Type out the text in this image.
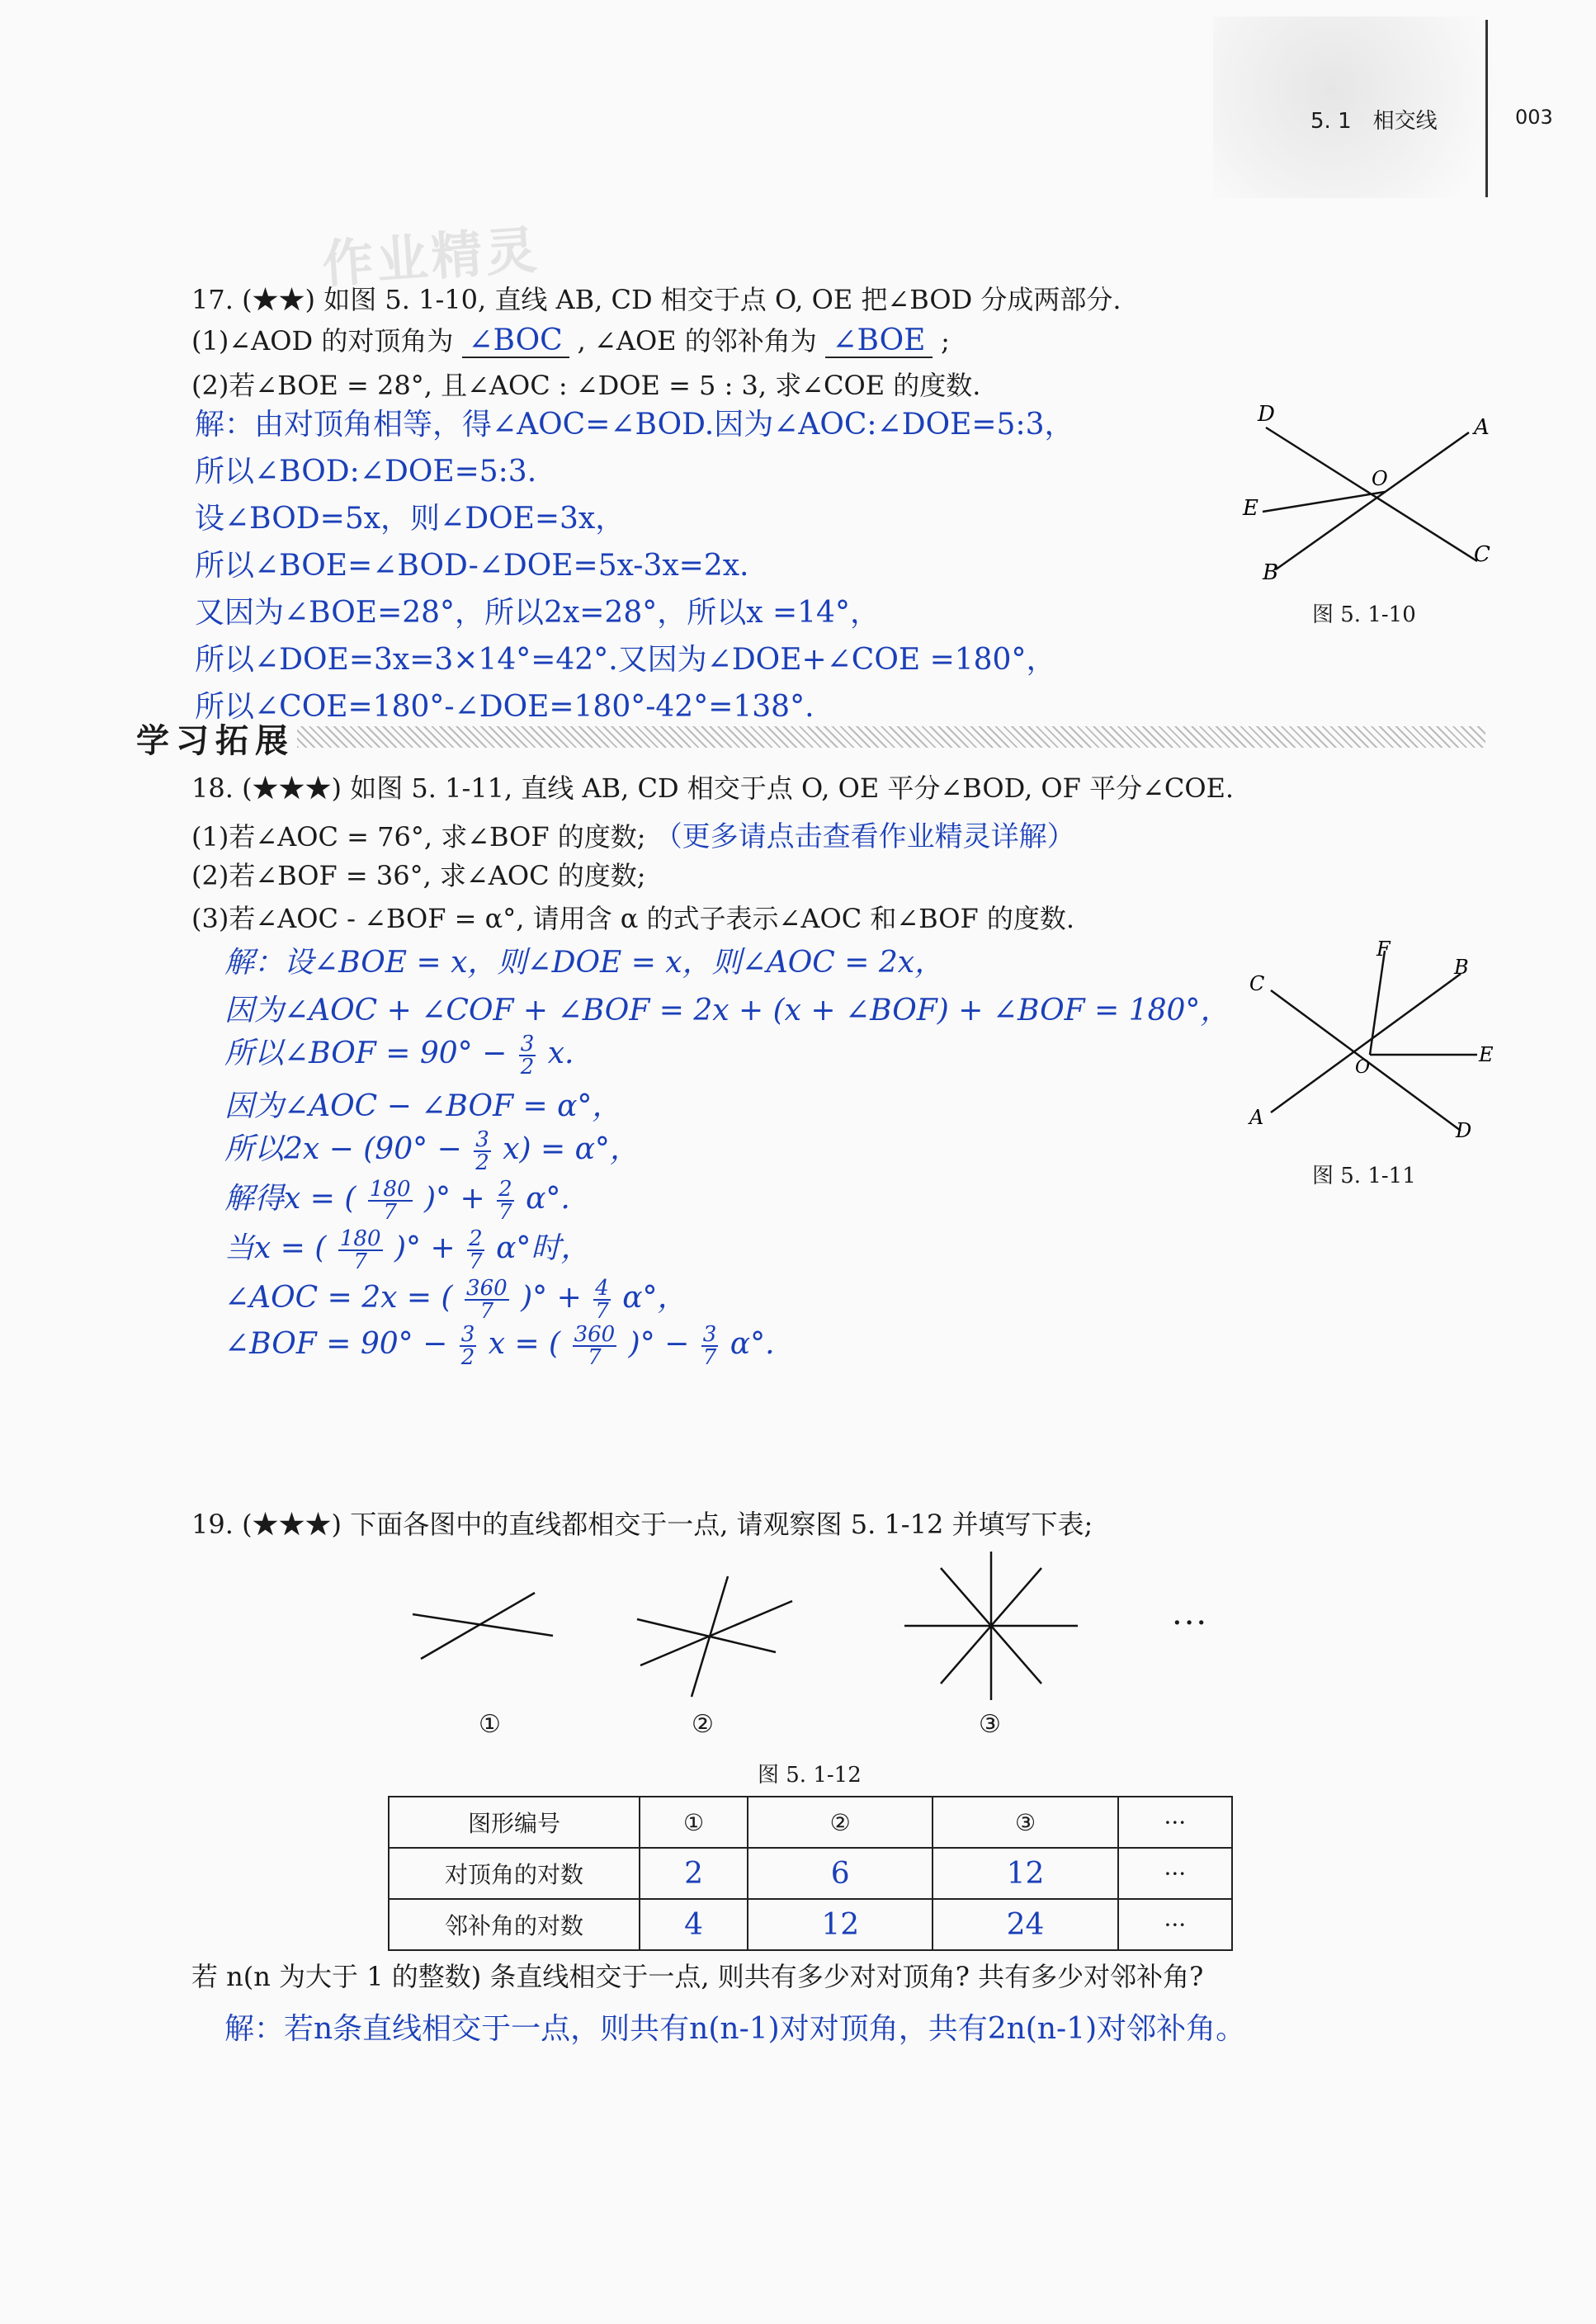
5. 1　相交线	003
作业精灵
17. (★★) 如图 5. 1-10, 直线 AB, CD 相交于点 O, OE 把∠BOD 分成两部分.
(1)∠AOD 的对顶角为 ∠BOC , ∠AOE 的邻补角为 ∠BOE ;
(2)若∠BOE = 28°, 且∠AOC : ∠DOE = 5 : 3, 求∠COE 的度数.
解：由对顶角相等，得∠AOC=∠BOD.因为∠AOC:∠DOE=5:3，
所以∠BOD:∠DOE=5:3.
设∠BOD=5x，则∠DOE=3x，
所以∠BOE=∠BOD-∠DOE=5x-3x=2x.
又因为∠BOE=28°，所以2x=28°，所以x =14°，
所以∠DOE=3x=3×14°=42°.又因为∠DOE+∠COE =180°，
所以∠COE=180°-∠DOE=180°-42°=138°.
D
A
O
E
B
C
图 5. 1-10
学习拓展
18. (★★★) 如图 5. 1-11, 直线 AB, CD 相交于点 O, OE 平分∠BOD, OF 平分∠COE.
(1)若∠AOC = 76°, 求∠BOF 的度数; （更多请点击查看作业精灵详解）
(2)若∠BOF = 36°, 求∠AOC 的度数;
(3)若∠AOC - ∠BOF = α°, 请用含 α 的式子表示∠AOC 和∠BOF 的度数.
解：设∠BOE = x，则∠DOE = x，则∠AOC = 2x，
因为∠AOC + ∠COF + ∠BOF = 2x + (x + ∠BOF) + ∠BOF = 180°，
所以∠BOF = $90^\circ - \frac{3}{2} x$.
因为∠AOC − ∠BOF = α°，
所以$2x - (90^\circ - \frac{3}{2} x) = \alpha^\circ$，
解得x = ( $\frac{180}{7}$ )° + $\frac{2}{7} \alpha^\circ$.
当x = ( $\frac{180}{7}$ )° + $\frac{2}{7} \alpha^\circ$时，
∠AOC = 2x = ( $\frac{360}{7}$ )° + $\frac{4}{7} \alpha^\circ$，
∠BOF = $90^\circ - \frac{3}{2}$ x = ( $\frac{360}{7}$ )° − $\frac{3}{7} \alpha^\circ$.
F
B
C
E
O
A
D
图 5. 1-11
19. (★★★) 下面各图中的直线都相交于一点, 请观察图 5. 1-12 并填写下表;
···
①	②	③
图 5. 1-12
图形编号	①	②	③	···
对顶角的对数	2	6	12	···
邻补角的对数	4	12	24	···
若 n(n 为大于 1 的整数) 条直线相交于一点, 则共有多少对对顶角? 共有多少对邻补角?
解：若n条直线相交于一点，则共有n(n-1)对对顶角，共有2n(n-1)对邻补角。
